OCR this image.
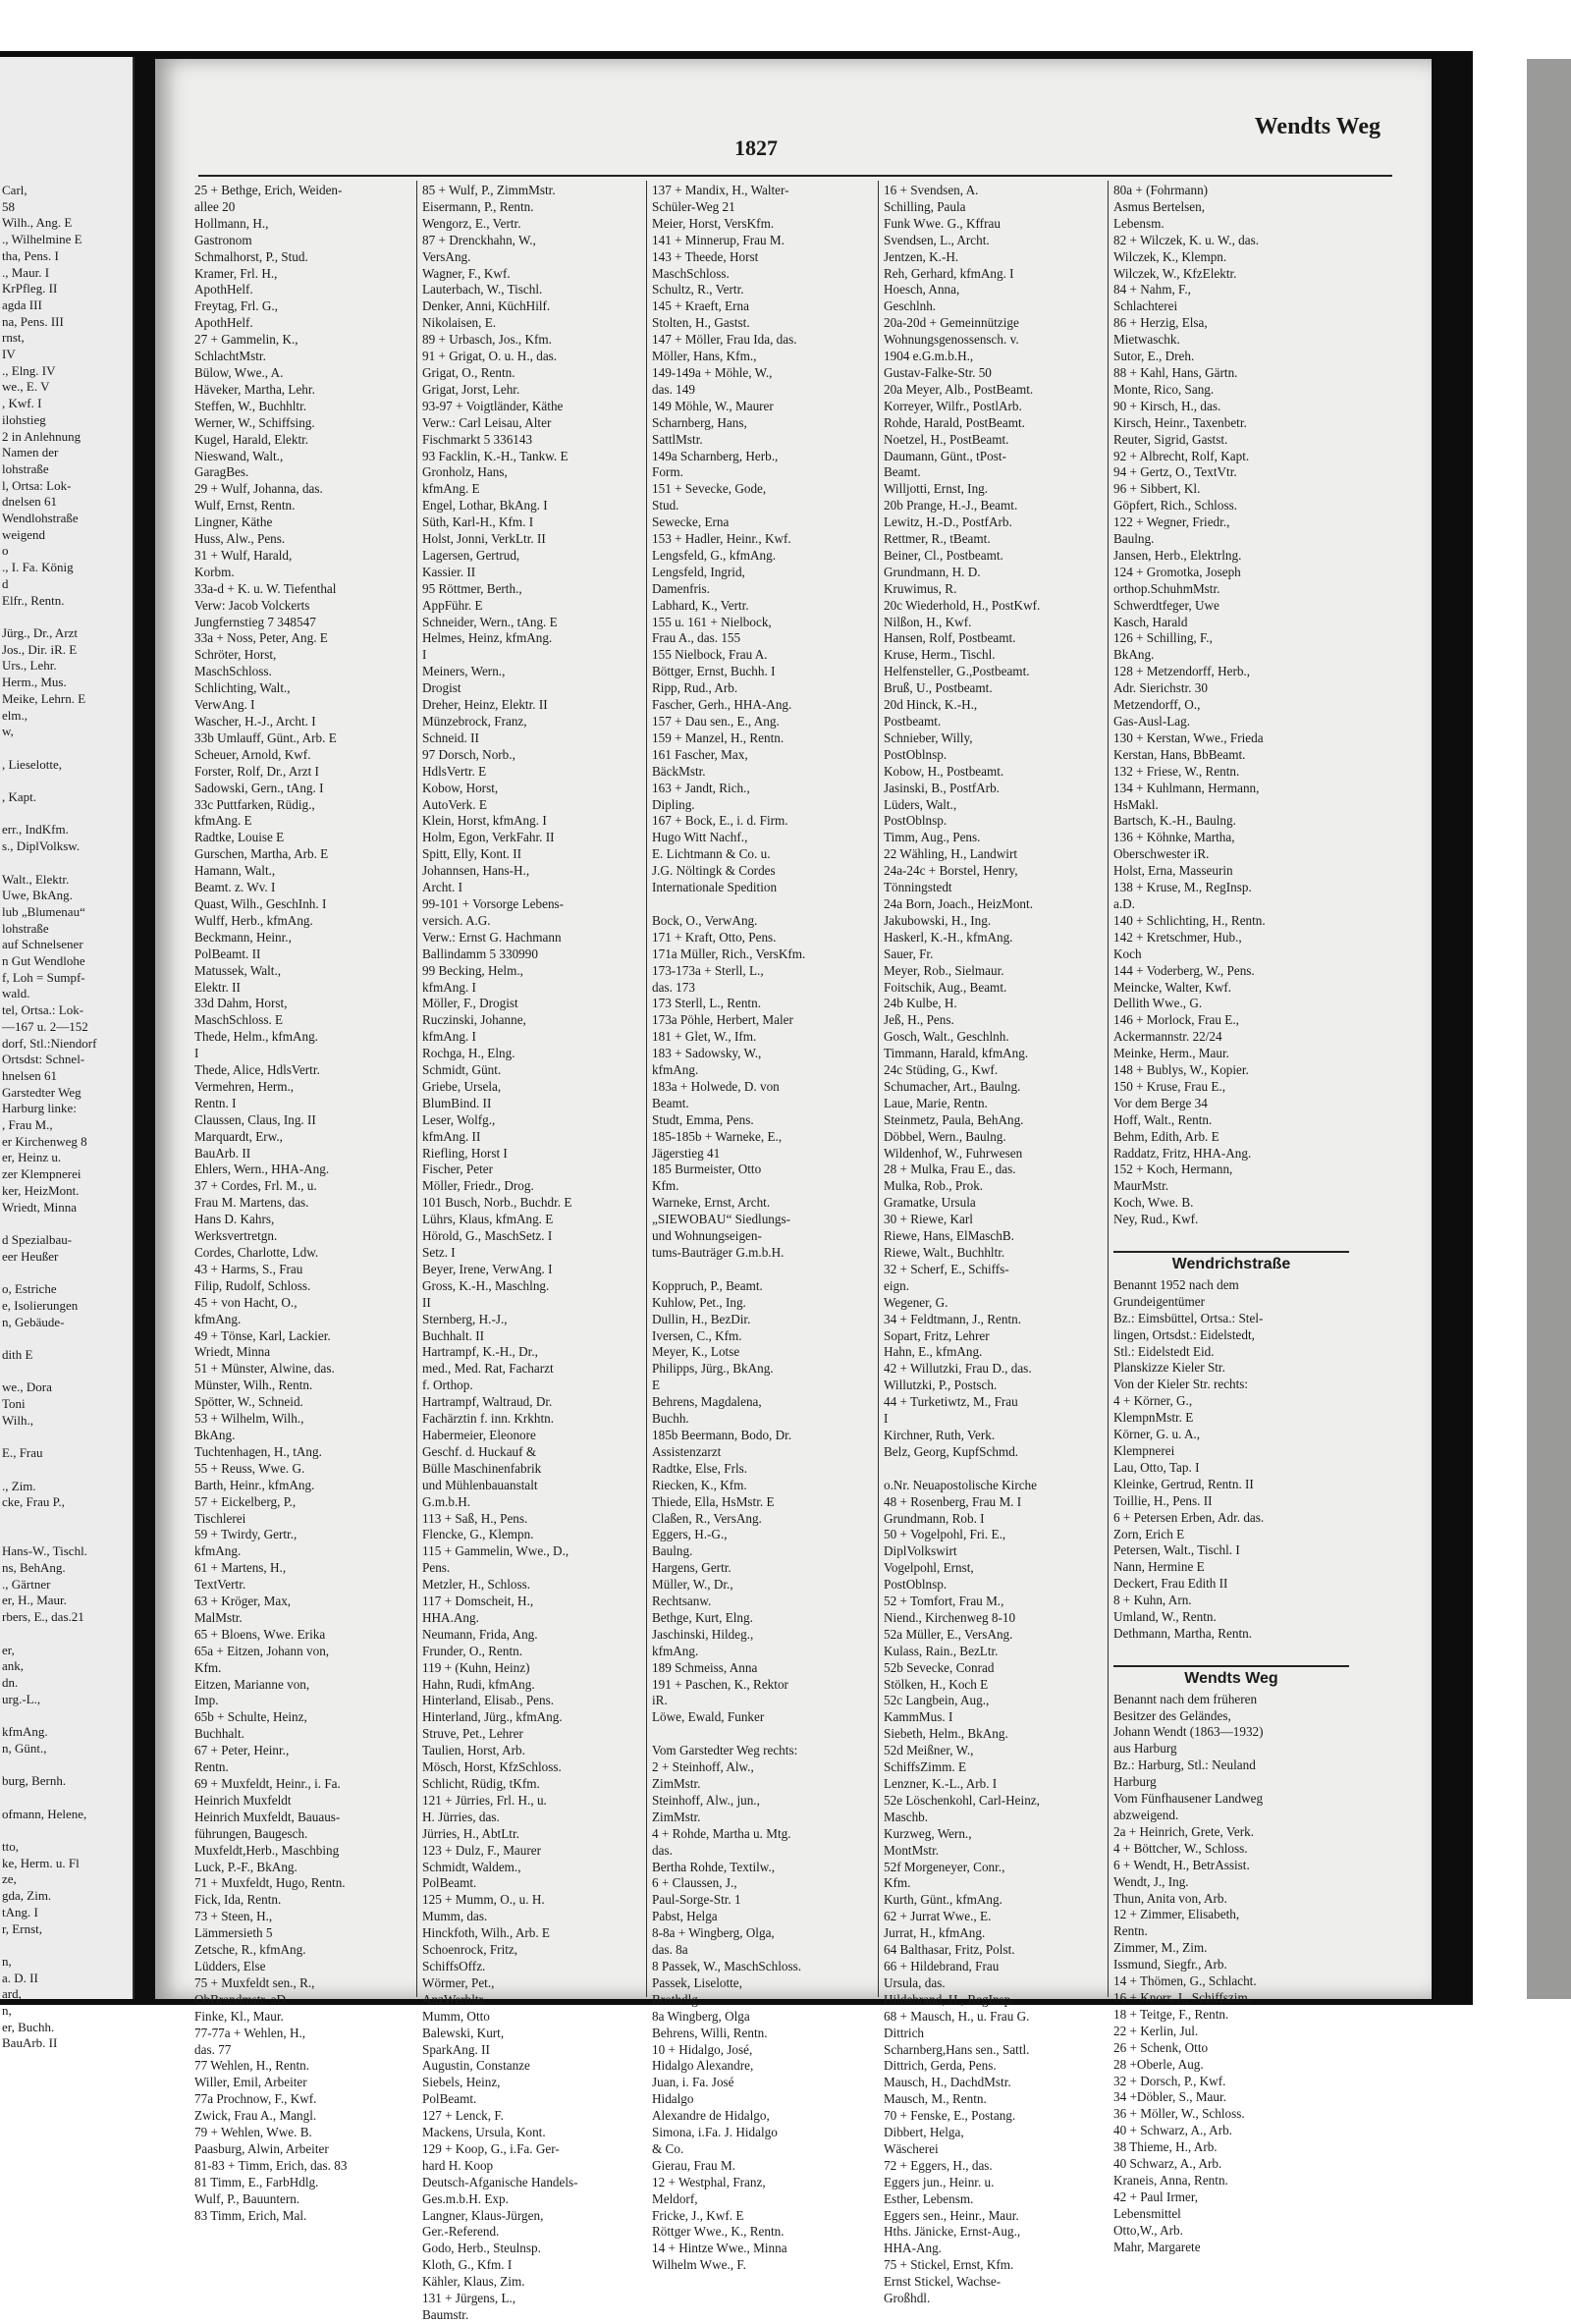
Carl,
58
Wilh., Ang. E
., Wilhelmine E
tha, Pens. I
., Maur. I
KrPfleg. II
agda III
na, Pens. III
rnst,
IV
., Elng. IV
we., E. V
, Kwf. I
ilohstieg
2 in Anlehnung
Namen der
lohstraße
l, Ortsa: Lok-
dnelsen 61
Wendlohstraße
weigend
o
., I. Fa. König
d
Elfr., Rentn.

Jürg., Dr., Arzt
Jos., Dir. iR. E
Urs., Lehr.
Herm., Mus.
Meike, Lehrn. E
elm.,
w,

, Lieselotte,

, Kapt.

err., IndKfm.
s., DiplVolksw.

Walt., Elektr.
Uwe, BkAng.
lub „Blumenau“
lohstraße
auf Schnelsener
n Gut Wendlohe
f, Loh = Sumpf-
wald.
tel, Ortsa.: Lok-
—167 u. 2—152
dorf, Stl.:Niendorf
Ortsdst: Schnel-
hnelsen 61
Garstedter Weg
Harburg linke:
, Frau M.,
er Kirchenweg 8
er, Heinz u.
zer Klempnerei
ker, HeizMont.
Wriedt, Minna

d Spezialbau-
eer Heußer

o, Estriche
e, Isolierungen
n, Gebäude-

dith E

we., Dora
Toni
Wilh.,

E., Frau

., Zim.
cke, Frau P.,

Hans-W., Tischl.
ns, BehAng.
., Gärtner
er, H., Maur.
rbers, E., das.21

er,
ank,
dn.
urg.-L.,

kfmAng.
n, Günt.,

burg, Bernh.

ofmann, Helene,

tto,
ke, Herm. u. Fl
ze,
gda, Zim.
tAng. I
r, Ernst,

n,
a. D. II
ard,
n,
er, Buchh.
BauArb. II
1827
Wendts Weg
25 + Bethge, Erich, Weiden-
allee 20
Hollmann, H.,
Gastronom
Schmalhorst, P., Stud.
Kramer, Frl. H.,
ApothHelf.
Freytag, Frl. G.,
ApothHelf.
27 + Gammelin, K.,
SchlachtMstr.
Bülow, Wwe., A.
Häveker, Martha, Lehr.
Steffen, W., Buchhltr.
Werner, W., Schiffsing.
Kugel, Harald, Elektr.
Nieswand, Walt.,
GaragBes.
29 + Wulf, Johanna, das.
Wulf, Ernst, Rentn.
Lingner, Käthe
Huss, Alw., Pens.
31 + Wulf, Harald,
Korbm.
33a-d + K. u. W. Tiefenthal
Verw: Jacob Volckerts
Jungfernstieg 7 348547
33a + Noss, Peter, Ang. E
Schröter, Horst,
MaschSchloss.
Schlichting, Walt.,
VerwAng. I
Wascher, H.-J., Archt. I
33b Umlauff, Günt., Arb. E
Scheuer, Arnold, Kwf.
Forster, Rolf, Dr., Arzt I
Sadowski, Gern., tAng. I
33c Puttfarken, Rüdig.,
kfmAng. E
Radtke, Louise E
Gurschen, Martha, Arb. E
Hamann, Walt.,
Beamt. z. Wv. I
Quast, Wilh., GeschInh. I
Wulff, Herb., kfmAng.
Beckmann, Heinr.,
PolBeamt. II
Matussek, Walt.,
Elektr. II
33d Dahm, Horst,
MaschSchloss. E
Thede, Helm., kfmAng.
I
Thede, Alice, HdlsVertr.
Vermehren, Herm.,
Rentn. I
Claussen, Claus, Ing. II
Marquardt, Erw.,
BauArb. II
Ehlers, Wern., HHA-Ang.
37 + Cordes, Frl. M., u.
Frau M. Martens, das.
Hans D. Kahrs,
Werksvertretgn.
Cordes, Charlotte, Ldw.
43 + Harms, S., Frau
Filip, Rudolf, Schloss.
45 + von Hacht, O.,
kfmAng.
49 + Tönse, Karl, Lackier.
Wriedt, Minna
51 + Münster, Alwine, das.
Münster, Wilh., Rentn.
Spötter, W., Schneid.
53 + Wilhelm, Wilh.,
BkAng.
Tuchtenhagen, H., tAng.
55 + Reuss, Wwe. G.
Barth, Heinr., kfmAng.
57 + Eickelberg, P.,
Tischlerei
59 + Twirdy, Gertr.,
kfmAng.
61 + Martens, H.,
TextVertr.
63 + Kröger, Max,
MalMstr.
65 + Bloens, Wwe. Erika
65a + Eitzen, Johann von,
Kfm.
Eitzen, Marianne von,
Imp.
65b + Schulte, Heinz,
Buchhalt.
67 + Peter, Heinr.,
Rentn.
69 + Muxfeldt, Heinr., i. Fa.
Heinrich Muxfeldt
Heinrich Muxfeldt, Bauaus-
führungen, Baugesch.
Muxfeldt,Herb., Maschbing
Luck, P.-F., BkAng.
71 + Muxfeldt, Hugo, Rentn.
Fick, Ida, Rentn.
73 + Steen, H.,
Lämmersieth 5
Zetsche, R., kfmAng.
Lüdders, Else
75 + Muxfeldt sen., R.,
ObBrandmstr. aD.
Finke, Kl., Maur.
77-77a + Wehlen, H.,
das. 77
77 Wehlen, H., Rentn.
Willer, Emil, Arbeiter
77a Prochnow, F., Kwf.
Zwick, Frau A., Mangl.
79 + Wehlen, Wwe. B.
Paasburg, Alwin, Arbeiter
81-83 + Timm, Erich, das. 83
81 Timm, E., FarbHdlg.
Wulf, P., Bauuntern.
83 Timm, Erich, Mal.
85 + Wulf, P., ZimmMstr.
Eisermann, P., Rentn.
Wengorz, E., Vertr.
87 + Drenckhahn, W.,
VersAng.
Wagner, F., Kwf.
Lauterbach, W., Tischl.
Denker, Anni, KüchHilf.
Nikolaisen, E.
89 + Urbasch, Jos., Kfm.
91 + Grigat, O. u. H., das.
Grigat, O., Rentn.
Grigat, Jorst, Lehr.
93-97 + Voigtländer, Käthe
Verw.: Carl Leisau, Alter
Fischmarkt 5 336143
93 Facklin, K.-H., Tankw. E
Gronholz, Hans,
kfmAng. E
Engel, Lothar, BkAng. I
Süth, Karl-H., Kfm. I
Holst, Jonni, VerkLtr. II
Lagersen, Gertrud,
Kassier. II
95 Röttmer, Berth.,
AppFühr. E
Schneider, Wern., tAng. E
Helmes, Heinz, kfmAng.
I
Meiners, Wern.,
Drogist
Dreher, Heinz, Elektr. II
Münzebrock, Franz,
Schneid. II
97 Dorsch, Norb.,
HdlsVertr. E
Kobow, Horst,
AutoVerk. E
Klein, Horst, kfmAng. I
Holm, Egon, VerkFahr. II
Spitt, Elly, Kont. II
Johannsen, Hans-H.,
Archt. I
99-101 + Vorsorge Lebens-
versich. A.G.
Verw.: Ernst G. Hachmann
Ballindamm 5 330990
99 Becking, Helm.,
kfmAng. I
Möller, F., Drogist
Ruczinski, Johanne,
kfmAng. I
Rochga, H., Elng.
Schmidt, Günt.
Griebe, Ursela,
BlumBind. II
Leser, Wolfg.,
kfmAng. II
Riefling, Horst I
Fischer, Peter
Möller, Friedr., Drog.
101 Busch, Norb., Buchdr. E
Lührs, Klaus, kfmAng. E
Hörold, G., MaschSetz. I
Setz. I
Beyer, Irene, VerwAng. I
Gross, K.-H., Maschlng.
II
Sternberg, H.-J.,
Buchhalt. II
Hartrampf, K.-H., Dr.,
med., Med. Rat, Facharzt
f. Orthop.
Hartrampf, Waltraud, Dr.
Fachärztin f. inn. Krkhtn.
Habermeier, Eleonore
Geschf. d. Huckauf &
Bülle Maschinenfabrik
und Mühlenbauanstalt
G.m.b.H.
113 + Saß, H., Pens.
Flencke, G., Klempn.
115 + Gammelin, Wwe., D.,
Pens.
Metzler, H., Schloss.
117 + Domscheit, H.,
HHA.Ang.
Neumann, Frida, Ang.
Frunder, O., Rentn.
119 + (Kuhn, Heinz)
Hahn, Rudi, kfmAng.
Hinterland, Elisab., Pens.
Hinterland, Jürg., kfmAng.
Struve, Pet., Lehrer
Taulien, Horst, Arb.
Mösch, Horst, KfzSchloss.
Schlicht, Rüdig, tKfm.
121 + Jürries, Frl. H., u.
H. Jürries, das.
Jürries, H., AbtLtr.
123 + Dulz, F., Maurer
Schmidt, Waldem.,
PolBeamt.
125 + Mumm, O., u. H.
Mumm, das.
Hinckfoth, Wilh., Arb. E
Schoenrock, Fritz,
SchiffsOffz.
Wörmer, Pet.,
AnzWerbltr.
Mumm, Otto
Balewski, Kurt,
SparkAng. II
Augustin, Constanze
Siebels, Heinz,
PolBeamt.
127 + Lenck, F.
Mackens, Ursula, Kont.
129 + Koop, G., i.Fa. Ger-
hard H. Koop
Deutsch-Afganische Handels-
Ges.m.b.H. Exp.
Langner, Klaus-Jürgen,
Ger.-Referend.
Godo, Herb., Steulnsp.
Kloth, G., Kfm. I
Kähler, Klaus, Zim.
131 + Jürgens, L.,
Baumstr.
137 + Mandix, H., Walter-
Schüler-Weg 21
Meier, Horst, VersKfm.
141 + Minnerup, Frau M.
143 + Theede, Horst
MaschSchloss.
Schultz, R., Vertr.
145 + Kraeft, Erna
Stolten, H., Gastst.
147 + Möller, Frau Ida, das.
Möller, Hans, Kfm.,
149-149a + Möhle, W.,
das. 149
149 Möhle, W., Maurer
Scharnberg, Hans,
SattlMstr.
149a Scharnberg, Herb.,
Form.
151 + Sevecke, Gode,
Stud.
Sewecke, Erna
153 + Hadler, Heinr., Kwf.
Lengsfeld, G., kfmAng.
Lengsfeld, Ingrid,
Damenfris.
Labhard, K., Vertr.
155 u. 161 + Nielbock,
Frau A., das. 155
155 Nielbock, Frau A.
Böttger, Ernst, Buchh. I
Ripp, Rud., Arb.
Fascher, Gerh., HHA-Ang.
157 + Dau sen., E., Ang.
159 + Manzel, H., Rentn.
161 Fascher, Max,
BäckMstr.
163 + Jandt, Rich.,
Dipling.
167 + Bock, E., i. d. Firm.
Hugo Witt Nachf.,
E. Lichtmann & Co. u.
J.G. Nöltingk & Cordes
Internationale Spedition

Bock, O., VerwAng.
171 + Kraft, Otto, Pens.
171a Müller, Rich., VersKfm.
173-173a + Sterll, L.,
das. 173
173 Sterll, L., Rentn.
173a Pöhle, Herbert, Maler
181 + Glet, W., Ifm.
183 + Sadowsky, W.,
kfmAng.
183a + Holwede, D. von
Beamt.
Studt, Emma, Pens.
185-185b + Warneke, E.,
Jägerstieg 41
185 Burmeister, Otto
Kfm.
Warneke, Ernst, Archt.
„SIEWOBAU“ Siedlungs-
und Wohnungseigen-
tums-Bauträger G.m.b.H.

Koppruch, P., Beamt.
Kuhlow, Pet., Ing.
Dullin, H., BezDir.
Iversen, C., Kfm.
Meyer, K., Lotse
Philipps, Jürg., BkAng.
E
Behrens, Magdalena,
Buchh.
185b Beermann, Bodo, Dr.
Assistenzarzt
Radtke, Else, Frls.
Riecken, K., Kfm.
Thiede, Ella, HsMstr. E
Claßen, R., VersAng.
Eggers, H.-G.,
Baulng.
Hargens, Gertr.
Müller, W., Dr.,
Rechtsanw.
Bethge, Kurt, Elng.
Jaschinski, Hildeg.,
kfmAng.
189 Schmeiss, Anna
191 + Paschen, K., Rektor
iR.
Löwe, Ewald, Funker

Vom Garstedter Weg rechts:
2 + Steinhoff, Alw.,
ZimMstr.
Steinhoff, Alw., jun.,
ZimMstr.
4 + Rohde, Martha u. Mtg.
das.
Bertha Rohde, Textilw.,
6 + Claussen, J.,
Paul-Sorge-Str. 1
Pabst, Helga
8-8a + Wingberg, Olga,
das. 8a
8 Passek, W., MaschSchloss.
Passek, Liselotte,
Brothdlg.
8a Wingberg, Olga
Behrens, Willi, Rentn.
10 + Hidalgo, José,
Hidalgo Alexandre,
Juan, i. Fa. José
Hidalgo
Alexandre de Hidalgo,
Simona, i.Fa. J. Hidalgo
& Co.
Gierau, Frau M.
12 + Westphal, Franz,
Meldorf,
Fricke, J., Kwf. E
Röttger Wwe., K., Rentn.
14 + Hintze Wwe., Minna
Wilhelm Wwe., F.
16 + Svendsen, A.
Schilling, Paula
Funk Wwe. G., Kffrau
Svendsen, L., Archt.
Jentzen, K.-H.
Reh, Gerhard, kfmAng. I
Hoesch, Anna,
Geschlnh.
20a-20d + Gemeinnützige
Wohnungsgenossensch. v.
1904 e.G.m.b.H.,
Gustav-Falke-Str. 50
20a Meyer, Alb., PostBeamt.
Korreyer, Wilfr., PostlArb.
Rohde, Harald, PostBeamt.
Noetzel, H., PostBeamt.
Daumann, Günt., tPost-
Beamt.
Willjotti, Ernst, Ing.
20b Prange, H.-J., Beamt.
Lewitz, H.-D., PostfArb.
Rettmer, R., tBeamt.
Beiner, Cl., Postbeamt.
Grundmann, H. D.
Kruwimus, R.
20c Wiederhold, H., PostKwf.
Nilßon, H., Kwf.
Hansen, Rolf, Postbeamt.
Kruse, Herm., Tischl.
Helfensteller, G.,Postbeamt.
Bruß, U., Postbeamt.
20d Hinck, K.-H.,
Postbeamt.
Schnieber, Willy,
PostOblnsp.
Kobow, H., Postbeamt.
Jasinski, B., PostfArb.
Lüders, Walt.,
PostOblnsp.
Timm, Aug., Pens.
22 Wähling, H., Landwirt
24a-24c + Borstel, Henry,
Tönningstedt
24a Born, Joach., HeizMont.
Jakubowski, H., Ing.
Haskerl, K.-H., kfmAng.
Sauer, Fr.
Meyer, Rob., Sielmaur.
Foitschik, Aug., Beamt.
24b Kulbe, H.
Jeß, H., Pens.
Gosch, Walt., Geschlnh.
Timmann, Harald, kfmAng.
24c Stüding, G., Kwf.
Schumacher, Art., Baulng.
Laue, Marie, Rentn.
Steinmetz, Paula, BehAng.
Döbbel, Wern., Baulng.
Wildenhof, W., Fuhrwesen
28 + Mulka, Frau E., das.
Mulka, Rob., Prok.
Gramatke, Ursula
30 + Riewe, Karl
Riewe, Hans, ElMaschB.
Riewe, Walt., Buchhltr.
32 + Scherf, E., Schiffs-
eign.
Wegener, G.
34 + Feldtmann, J., Rentn.
Sopart, Fritz, Lehrer
Hahn, E., kfmAng.
42 + Willutzki, Frau D., das.
Willutzki, P., Postsch.
44 + Turketiwtz, M., Frau
I
Kirchner, Ruth, Verk.
Belz, Georg, KupfSchmd.

o.Nr. Neuapostolische Kirche
48 + Rosenberg, Frau M. I
Grundmann, Rob. I
50 + Vogelpohl, Fri. E.,
DiplVolkswirt
Vogelpohl, Ernst,
PostOblnsp.
52 + Tomfort, Frau M.,
Niend., Kirchenweg 8-10
52a Müller, E., VersAng.
Kulass, Rain., BezLtr.
52b Sevecke, Conrad
Stölken, H., Koch E
52c Langbein, Aug.,
KammMus. I
Siebeth, Helm., BkAng.
52d Meißner, W.,
SchiffsZimm. E
Lenzner, K.-L., Arb. I
52e Löschenkohl, Carl-Heinz,
Maschb.
Kurzweg, Wern.,
MontMstr.
52f Morgeneyer, Conr.,
Kfm.
Kurth, Günt., kfmAng.
62 + Jurrat Wwe., E.
Jurrat, H., kfmAng.
64 Balthasar, Fritz, Polst.
66 + Hildebrand, Frau
Ursula, das.
Hildebrand, H., RegInsp.
68 + Mausch, H., u. Frau G.
Dittrich
Scharnberg,Hans sen., Sattl.
Dittrich, Gerda, Pens.
Mausch, H., DachdMstr.
Mausch, M., Rentn.
70 + Fenske, E., Postang.
Dibbert, Helga,
Wäscherei
72 + Eggers, H., das.
Eggers jun., Heinr. u.
Esther, Lebensm.
Eggers sen., Heinr., Maur.
Hths. Jänicke, Ernst-Aug.,
HHA-Ang.
75 + Stickel, Ernst, Kfm.
Ernst Stickel, Wachse-
Großhdl.
80a + (Fohrmann)
Asmus Bertelsen,
Lebensm.
82 + Wilczek, K. u. W., das.
Wilczek, K., Klempn.
Wilczek, W., KfzElektr.
84 + Nahm, F.,
Schlachterei
86 + Herzig, Elsa,
Mietwaschk.
Sutor, E., Dreh.
88 + Kahl, Hans, Gärtn.
Monte, Rico, Sang.
90 + Kirsch, H., das.
Kirsch, Heinr., Taxenbetr.
Reuter, Sigrid, Gastst.
92 + Albrecht, Rolf, Kapt.
94 + Gertz, O., TextVtr.
96 + Sibbert, Kl.
Göpfert, Rich., Schloss.
122 + Wegner, Friedr.,
Baulng.
Jansen, Herb., Elektrlng.
124 + Gromotka, Joseph
orthop.SchuhmMstr.
Schwerdtfeger, Uwe
Kasch, Harald
126 + Schilling, F.,
BkAng.
128 + Metzendorff, Herb.,
Adr. Sierichstr. 30
Metzendorff, O.,
Gas-Ausl-Lag.
130 + Kerstan, Wwe., Frieda
Kerstan, Hans, BbBeamt.
132 + Friese, W., Rentn.
134 + Kuhlmann, Hermann,
HsMakl.
Bartsch, K.-H., Baulng.
136 + Köhnke, Martha,
Oberschwester iR.
Holst, Erna, Masseurin
138 + Kruse, M., RegInsp.
a.D.
140 + Schlichting, H., Rentn.
142 + Kretschmer, Hub.,
Koch
144 + Voderberg, W., Pens.
Meincke, Walter, Kwf.
Dellith Wwe., G.
146 + Morlock, Frau E.,
Ackermannstr. 22/24
Meinke, Herm., Maur.
148 + Bublys, W., Kopier.
150 + Kruse, Frau E.,
Vor dem Berge 34
Hoff, Walt., Rentn.
Behm, Edith, Arb. E
Raddatz, Fritz, HHA-Ang.
152 + Koch, Hermann,
MaurMstr.
Koch, Wwe. B.
Ney, Rud., Kwf.

Wendrichstraße
Benannt 1952 nach dem
Grundeigentümer
Bz.: Eimsbüttel, Ortsa.: Stel-
lingen, Ortsdst.: Eidelstedt,
Stl.: Eidelstedt Eid.
Planskizze Kieler Str.
Von der Kieler Str. rechts:
4 + Körner, G.,
KlempnMstr. E
Körner, G. u. A.,
Klempnerei
Lau, Otto, Tap. I
Kleinke, Gertrud, Rentn. II
Toillie, H., Pens. II
6 + Petersen Erben, Adr. das.
Zorn, Erich E
Petersen, Walt., Tischl. I
Nann, Hermine E
Deckert, Frau Edith II
8 + Kuhn, Arn.
Umland, W., Rentn.
Dethmann, Martha, Rentn.

Wendts Weg
Benannt nach dem früheren
Besitzer des Geländes,
Johann Wendt (1863—1932)
aus Harburg
Bz.: Harburg, Stl.: Neuland
Harburg
Vom Fünfhausener Landweg
abzweigend.
2a + Heinrich, Grete, Verk.
4 + Böttcher, W., Schloss.
6 + Wendt, H., BetrAssist.
Wendt, J., Ing.
Thun, Anita von, Arb.
12 + Zimmer, Elisabeth,
Rentn.
Zimmer, M., Zim.
Issmund, Siegfr., Arb.
14 + Thömen, G., Schlacht.
16 + Knorr, J., Schiffszim.
18 + Teitge, F., Rentn.
22 + Kerlin, Jul.
26 + Schenk, Otto
28 +Oberle, Aug.
32 + Dorsch, P., Kwf.
34 +Döbler, S., Maur.
36 + Möller, W., Schloss.
40 + Schwarz, A., Arb.
38 Thieme, H., Arb.
40 Schwarz, A., Arb.
Kraneis, Anna, Rentn.
42 + Paul Irmer,
Lebensmittel
Otto,W., Arb.
Mahr, Margarete
